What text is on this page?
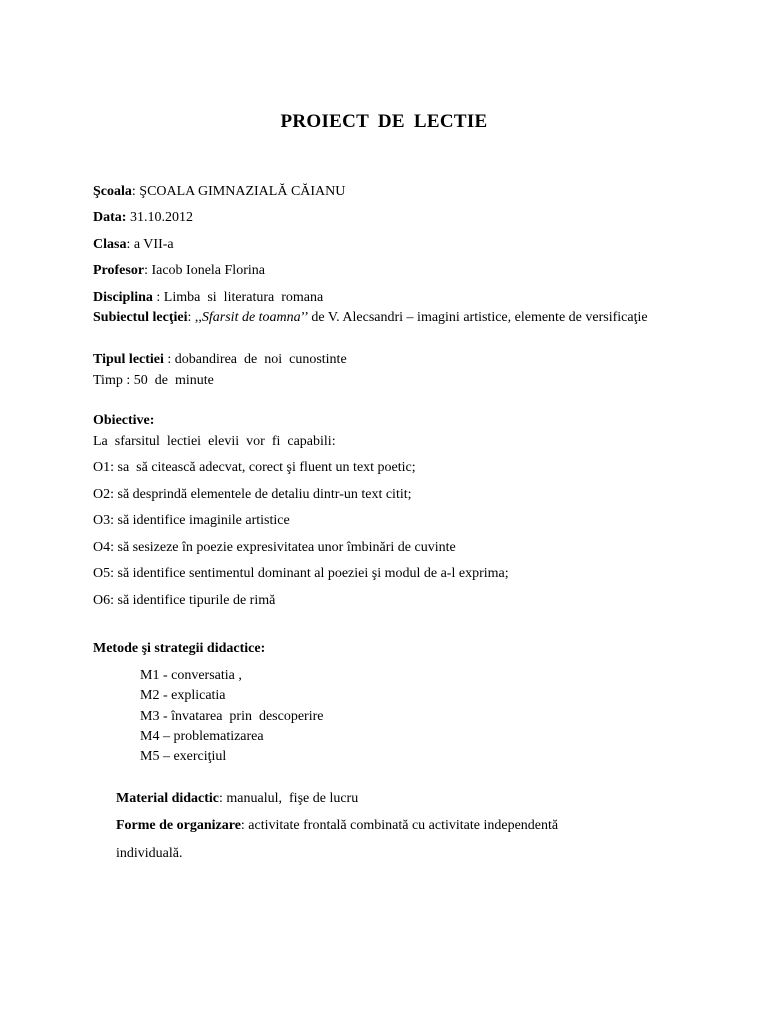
PROIECT DE LECTIE
Şcoala: ŞCOALA GIMNAZIALĂ CĂIANU
Data: 31.10.2012
Clasa: a VII-a
Profesor: Iacob Ionela Florina
Disciplina : Limba  si  literatura  romana
Subiectul lecţiei: ,,Sfarsit de toamna’’ de V. Alecsandri – imagini artistice, elemente de versificaţie
Tipul lectiei : dobandirea  de  noi  cunostinte
Timp : 50  de  minute
Obiective:
La  sfarsitul  lectiei  elevii  vor  fi  capabili:
O1: sa  să citească adecvat, corect şi fluent un text poetic;
O2: să desprindă elementele de detaliu dintr-un text citit;
O3: să identifice imaginile artistice
O4: să sesizeze în poezie expresivitatea unor îmbinări de cuvinte
O5: să identifice sentimentul dominant al poeziei şi modul de a-l exprima;
O6: să identifice tipurile de rimă
Metode şi strategii didactice:
M1 - conversatia ,
M2 - explicatia
M3 - învatarea  prin  descoperire
M4 – problematizarea
M5 – exerciţiul
Material didactic: manualul,  fişe de lucru
Forme de organizare: activitate frontală combinată cu activitate independentă
individuală.
